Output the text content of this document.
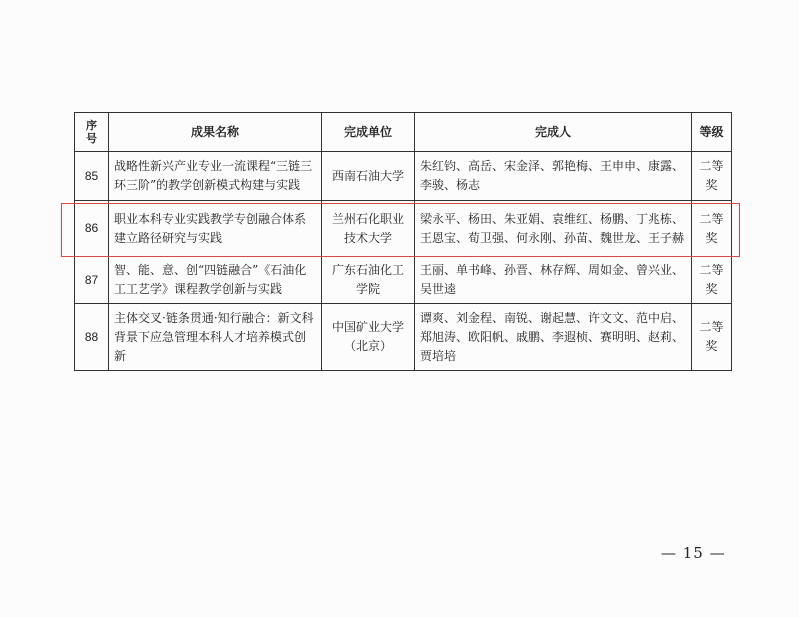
序号	成果名称	完成单位	完成人	等级
85	战略性新兴产业专业一流课程“三链三环三阶”的教学创新模式构建与实践	西南石油大学	朱红钧、高岳、宋金泽、郭艳梅、王申申、康露、李骏、杨志	二等奖
86	职业本科专业实践教学专创融合体系建立路径研究与实践	兰州石化职业技术大学	梁永平、杨田、朱亚娟、袁维红、杨鹏、丁兆栋、王恩宝、荀卫强、何永刚、孙苗、魏世龙、王子赫	二等奖
87	智、能、意、创“四链融合”《石油化工工艺学》课程教学创新与实践	广东石油化工学院	王丽、单书峰、孙晋、林存辉、周如金、曾兴业、吴世逵	二等奖
88	主体交叉·链条贯通·知行融合：新文科背景下应急管理本科人才培养模式创新	中国矿业大学（北京）	谭爽、刘金程、南锐、谢起慧、许文文、范中启、郑旭涛、欧阳帆、戚鹏、李遐桢、赛明明、赵莉、贾培培	二等奖
— 15 —
